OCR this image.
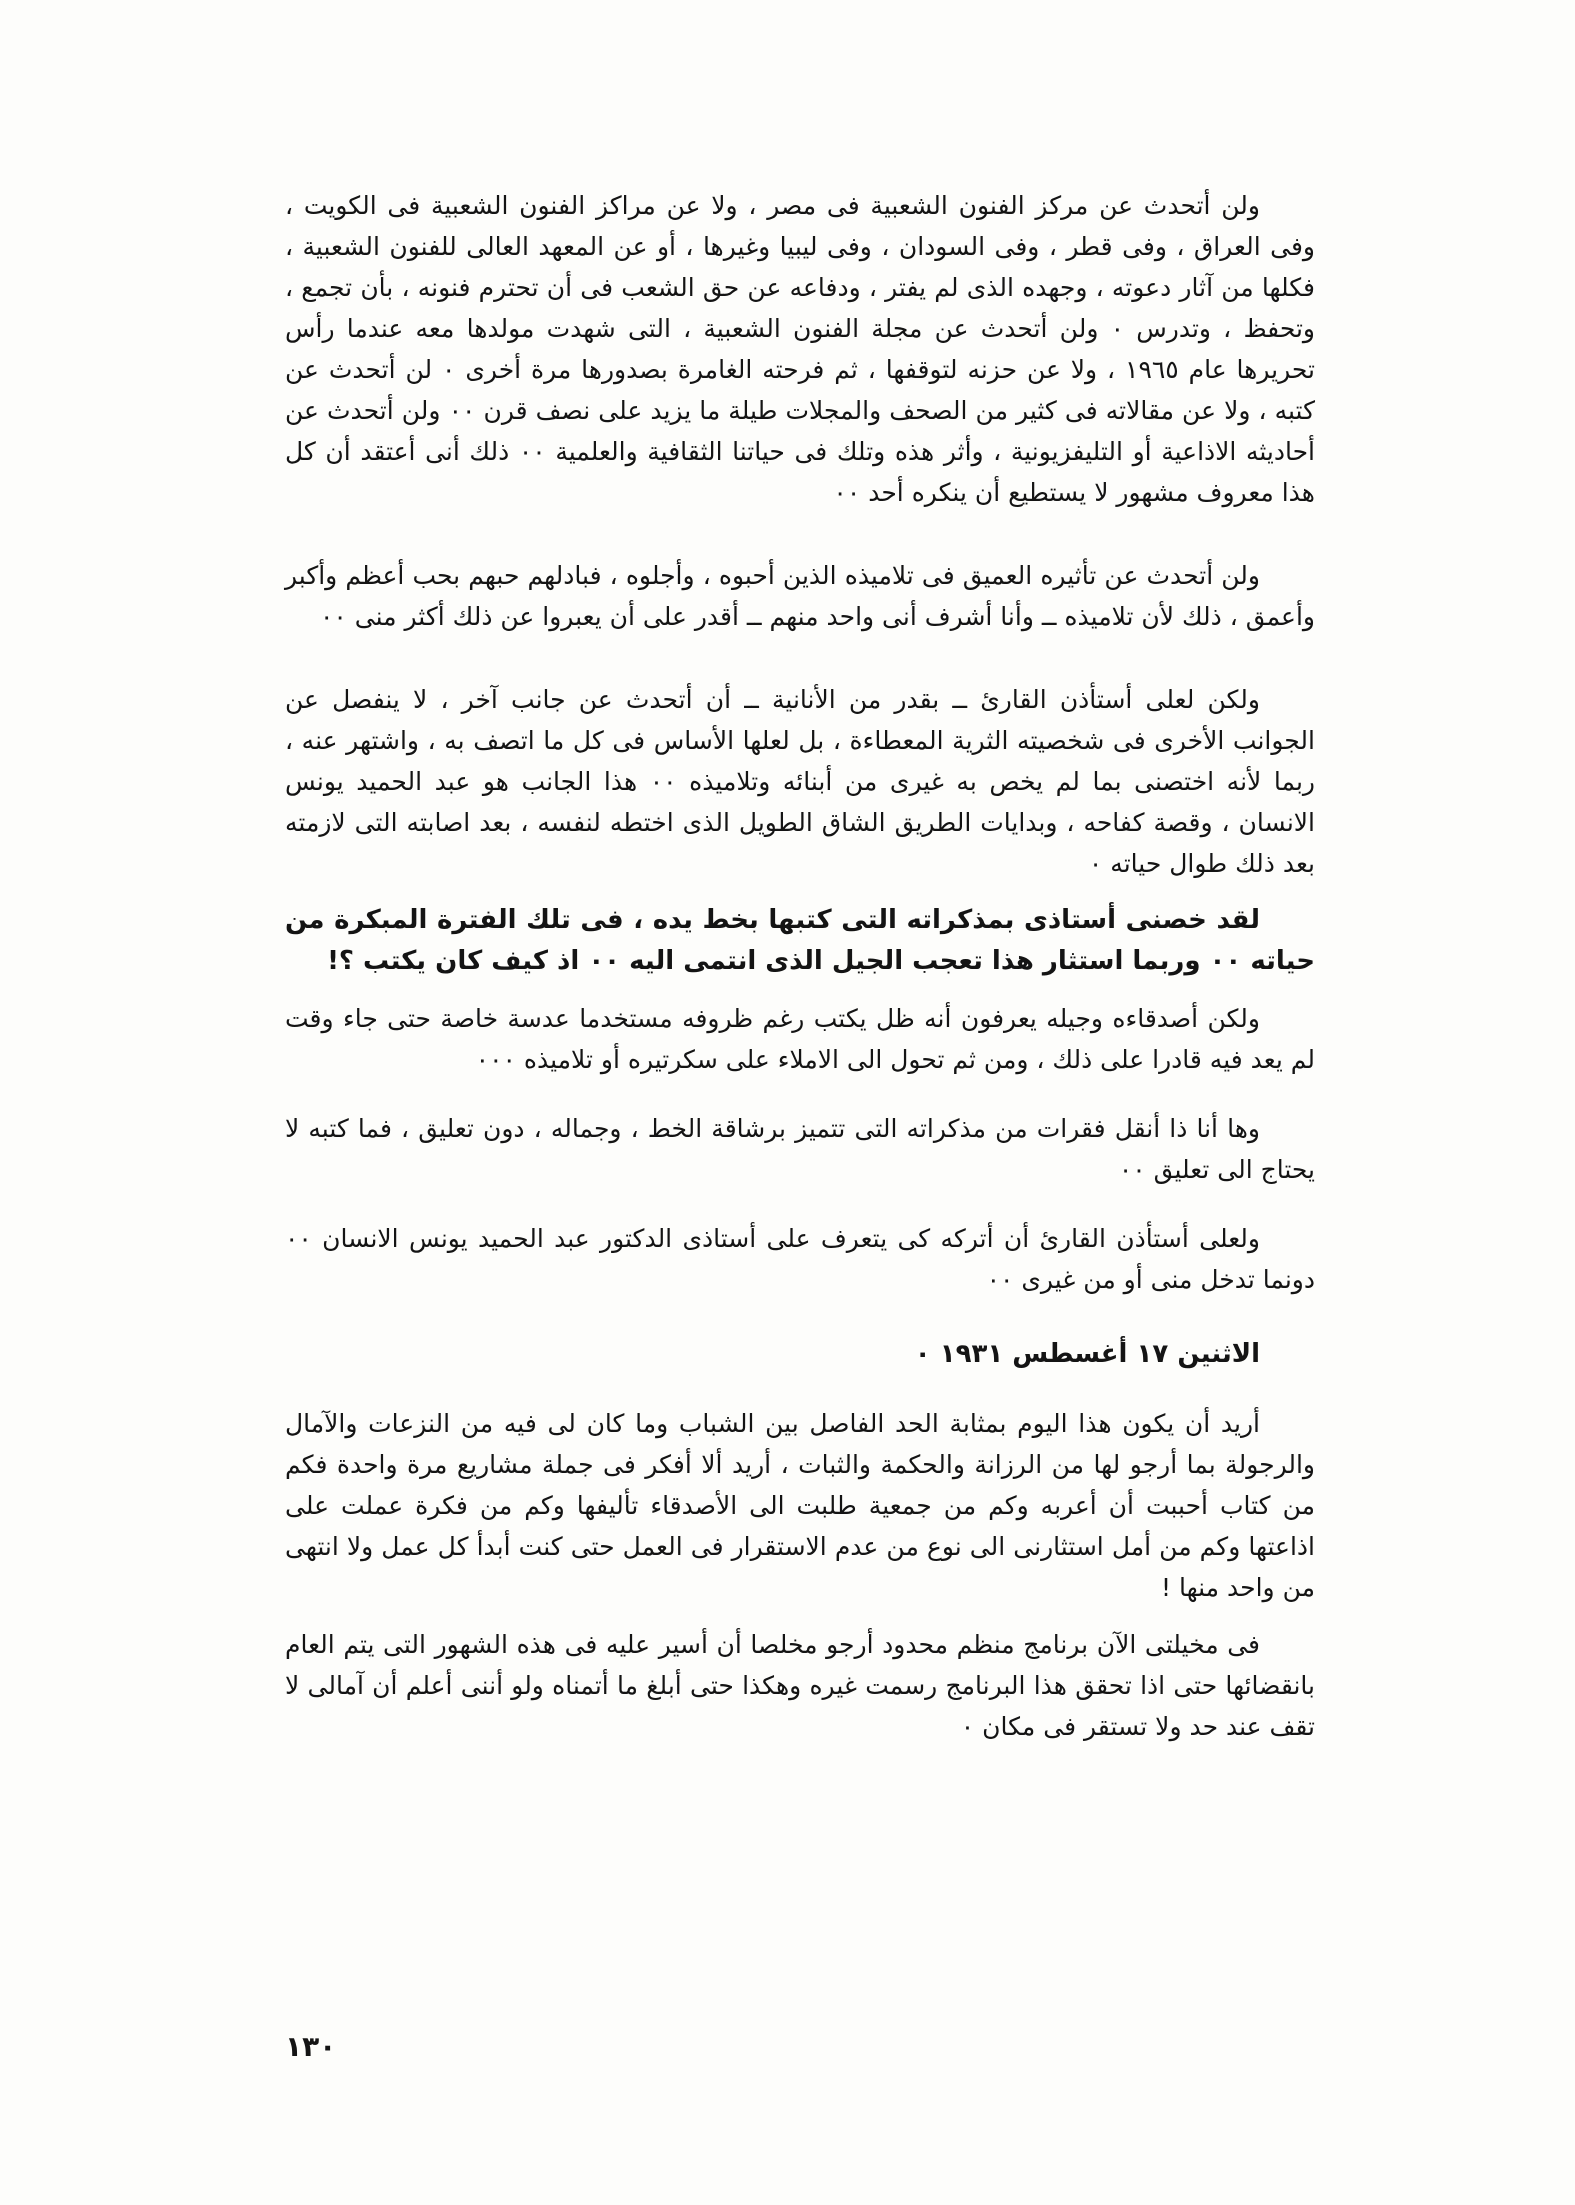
ولن أتحدث عن مركز الفنون الشعبية فى مصر ، ولا عن مراكز الفنون الشعبية فى الكويت ، وفى العراق ، وفى قطر ، وفى السودان ، وفى ليبيا وغيرها ، أو عن المعهد العالى للفنون الشعبية ، فكلها من آثار دعوته ، وجهده الذى لم يفتر ، ودفاعه عن حق الشعب فى أن تحترم فنونه ، بأن تجمع ، وتحفظ ، وتدرس ٠ ولن أتحدث عن مجلة الفنون الشعبية ، التى شهدت مولدها معه عندما رأس تحريرها عام ١٩٦٥ ، ولا عن حزنه لتوقفها ، ثم فرحته الغامرة بصدورها مرة أخرى ٠ لن أتحدث عن كتبه ، ولا عن مقالاته فى كثير من الصحف والمجلات طيلة ما يزيد على نصف قرن ٠٠ ولن أتحدث عن أحاديثه الاذاعية أو التليفزيونية ، وأثر هذه وتلك فى حياتنا الثقافية والعلمية ٠٠ ذلك أنى أعتقد أن كل هذا معروف مشهور لا يستطيع أن ينكره أحد ٠٠

ولن أتحدث عن تأثيره العميق فى تلاميذه الذين أحبوه ، وأجلوه ، فبادلهم حبهم بحب أعظم وأكبر وأعمق ، ذلك لأن تلاميذه ــ وأنا أشرف أنى واحد منهم ــ أقدر على أن يعبروا عن ذلك أكثر منى ٠٠

ولكن لعلى أستأذن القارئ ــ بقدر من الأنانية ــ أن أتحدث عن جانب آخر ، لا ينفصل عن الجوانب الأخرى فى شخصيته الثرية المعطاءة ، بل لعلها الأساس فى كل ما اتصف به ، واشتهر عنه ، ربما لأنه اختصنى بما لم يخص به غيرى من أبنائه وتلاميذه ٠٠ هذا الجانب هو عبد الحميد يونس الانسان ، وقصة كفاحه ، وبدايات الطريق الشاق الطويل الذى اختطه لنفسه ، بعد اصابته التى لازمته بعد ذلك طوال حياته ٠

لقد خصنى أستاذى بمذكراته التى كتبها بخط يده ، فى تلك الفترة المبكرة من حياته ٠٠ وربما استثار هذا تعجب الجيل الذى انتمى اليه ٠٠ اذ كيف كان يكتب ؟!

ولكن أصدقاءه وجيله يعرفون أنه ظل يكتب رغم ظروفه مستخدما عدسة خاصة حتى جاء وقت لم يعد فيه قادرا على ذلك ، ومن ثم تحول الى الاملاء على سكرتيره أو تلاميذه ٠٠٠

وها أنا ذا أنقل فقرات من مذكراته التى تتميز برشاقة الخط ، وجماله ، دون تعليق ، فما كتبه لا يحتاج الى تعليق ٠٠

ولعلى أستأذن القارئ أن أتركه كى يتعرف على أستاذى الدكتور عبد الحميد يونس الانسان ٠٠ دونما تدخل منى أو من غيرى ٠٠

الاثنين ١٧ أغسطس ١٩٣١ ٠

أريد أن يكون هذا اليوم بمثابة الحد الفاصل بين الشباب وما كان لى فيه من النزعات والآمال والرجولة بما أرجو لها من الرزانة والحكمة والثبات ، أريد ألا أفكر فى جملة مشاريع مرة واحدة فكم من كتاب أحببت أن أعربه وكم من جمعية طلبت الى الأصدقاء تأليفها وكم من فكرة عملت على اذاعتها وكم من أمل استثارنى الى نوع من عدم الاستقرار فى العمل حتى كنت أبدأ كل عمل ولا انتهى من واحد منها !

فى مخيلتى الآن برنامج منظم محدود أرجو مخلصا أن أسير عليه فى هذه الشهور التى يتم العام بانقضائها حتى اذا تحقق هذا البرنامج رسمت غيره وهكذا حتى أبلغ ما أتمناه ولو أننى أعلم أن آمالى لا تقف عند حد ولا تستقر فى مكان ٠

١٣٠
